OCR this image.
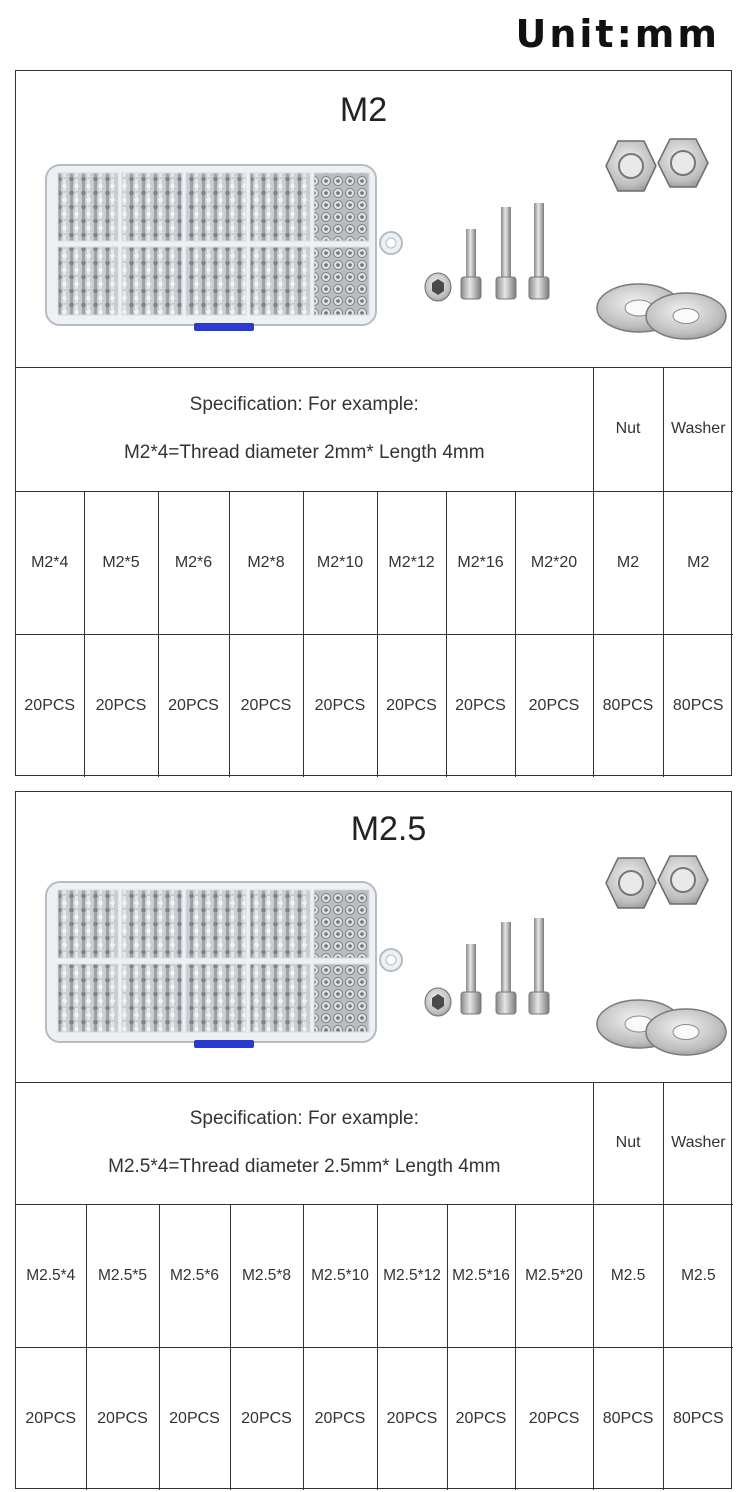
Unit:mm
M2
Specification: For example:
M2*4=Thread diameter 2mm* Length 4mm								Nut	Washer
M2*4	M2*5	M2*6	M2*8	M2*10	M2*12	M2*16	M2*20	M2	M2
20PCS	20PCS	20PCS	20PCS	20PCS	20PCS	20PCS	20PCS	80PCS	80PCS
M2.5
Specification: For example:
M2.5*4=Thread diameter 2.5mm* Length 4mm								Nut	Washer
M2.5*4	M2.5*5	M2.5*6	M2.5*8	M2.5*10	M2.5*12	M2.5*16	M2.5*20	M2.5	M2.5
20PCS	20PCS	20PCS	20PCS	20PCS	20PCS	20PCS	20PCS	80PCS	80PCS
